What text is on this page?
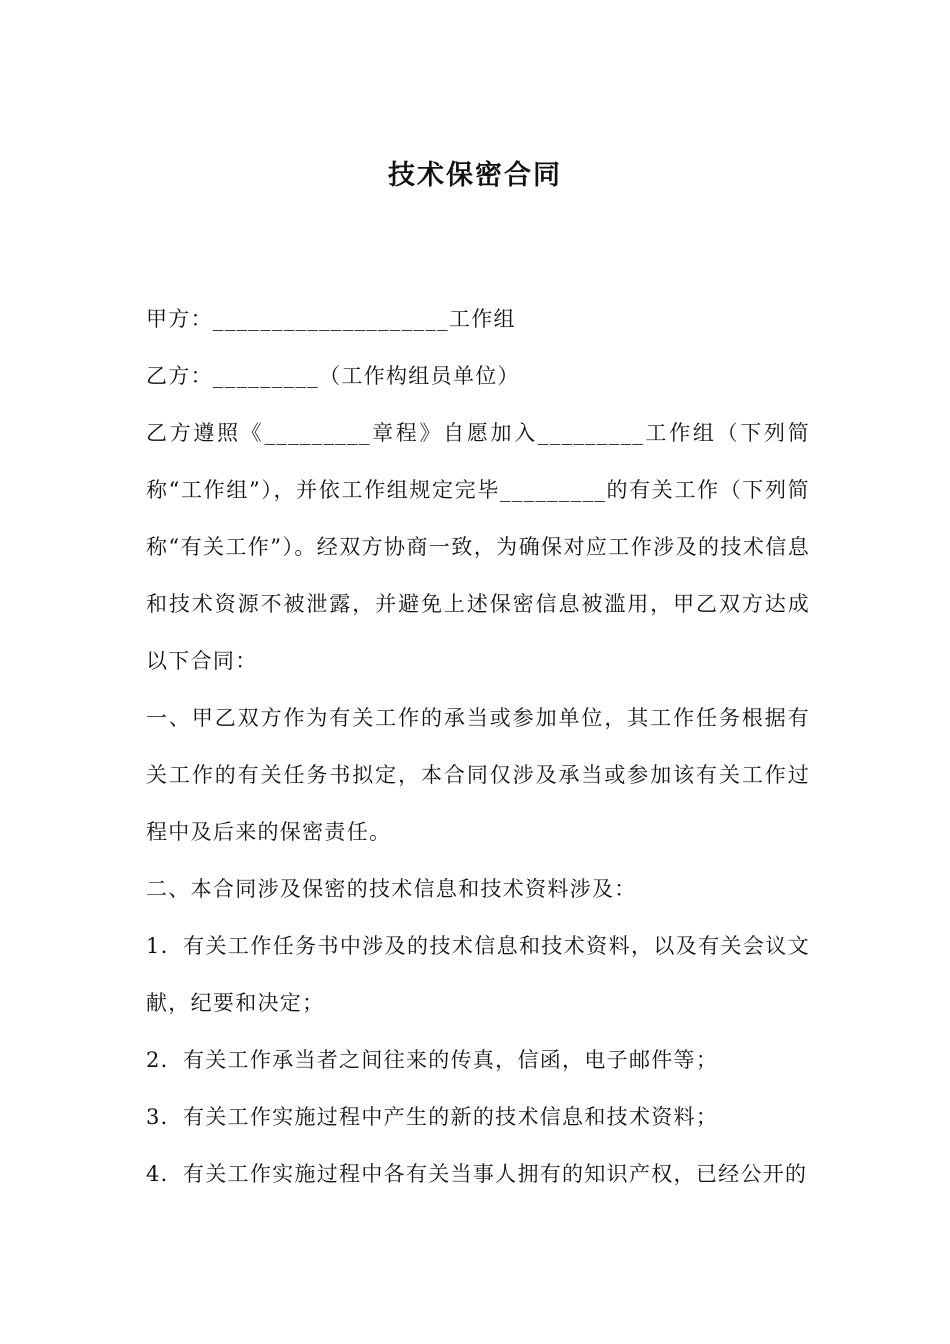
技术保密合同

甲方：____________________工作组

乙方：_________（工作构组员单位）

乙方遵照《_________章程》自愿加入_________工作组（下列简称“工作组”），并依工作组规定完毕_________的有关工作（下列简称“有关工作”）。经双方协商一致，为确保对应工作涉及的技术信息和技术资源不被泄露，并避免上述保密信息被滥用，甲乙双方达成以下合同：

一、甲乙双方作为有关工作的承当或参加单位，其工作任务根据有关工作的有关任务书拟定，本合同仅涉及承当或参加该有关工作过程中及后来的保密责任。

二、本合同涉及保密的技术信息和技术资料涉及：

1．有关工作任务书中涉及的技术信息和技术资料，以及有关会议文献，纪要和决定；

2．有关工作承当者之间往来的传真，信函，电子邮件等；

3．有关工作实施过程中产生的新的技术信息和技术资料；

4．有关工作实施过程中各有关当事人拥有的知识产权，已经公开的
